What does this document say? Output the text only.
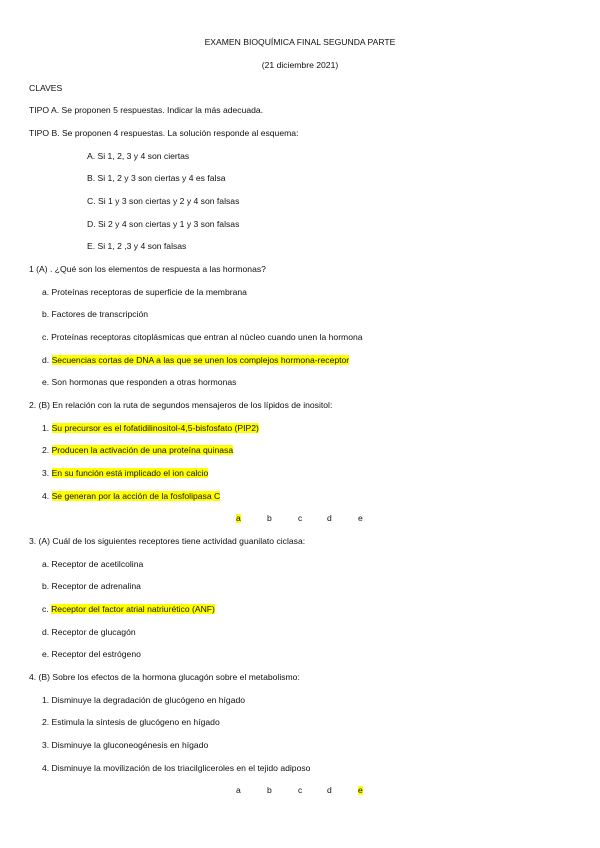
EXAMEN BIOQUÍMICA FINAL SEGUNDA PARTE
(21 diciembre 2021)
CLAVES
TIPO A. Se proponen 5 respuestas. Indicar la más adecuada.
TIPO B. Se proponen 4 respuestas. La solución responde al esquema:
A. Si 1, 2, 3 y 4 son ciertas
B. Si 1, 2 y 3 son ciertas y 4 es falsa
C. Si 1 y 3 son ciertas y 2 y 4 son falsas
D. Si 2 y 4 son ciertas y 1 y 3 son falsas
E. Si 1, 2 ,3 y 4 son falsas
1 (A) . ¿Qué son los elementos de respuesta a las hormonas?
a. Proteínas receptoras de superficie de la membrana
b. Factores de transcripción
c. Proteínas receptoras citoplásmicas que entran al núcleo cuando unen la hormona
d. Secuencias cortas de DNA a las que se unen los complejos hormona-receptor
e. Son hormonas que responden a otras hormonas
2. (B) En relación con la ruta de segundos mensajeros de los lípidos de inositol:
1. Su precursor es el fofatidilinositol-4,5-bisfosfato (PIP2)
2. Producen la activación de una proteína quinasa
3. En su función está implicado el ion calcio
4. Se generan por la acción de la fosfolipasa C
a	b	c	d	e
3. (A) Cuál de los siguientes receptores tiene actividad guanilato ciclasa:
a. Receptor de acetilcolina
b. Receptor de adrenalina
c. Receptor del factor atrial natriurético (ANF)
d. Receptor de glucagón
e. Receptor del estrógeno
4. (B) Sobre los efectos de la hormona glucagón sobre el metabolismo:
1. Disminuye la degradación de glucógeno en hígado
2. Estimula la síntesis de glucógeno en hígado
3. Disminuye la gluconeogénesis en hígado
4. Disminuye la movilización de los triacilgliceroles en el tejido adiposo
a	b	c	d	e
